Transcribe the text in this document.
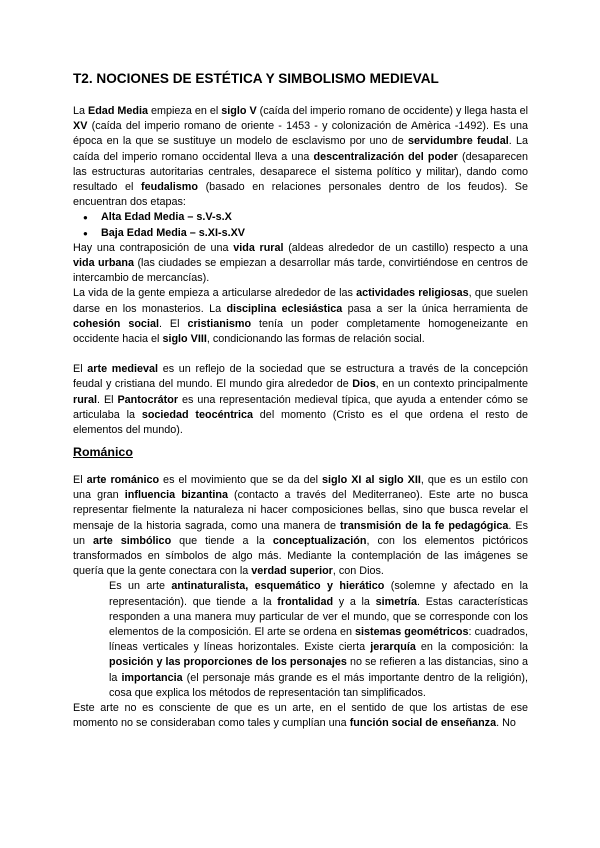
T2. NOCIONES DE ESTÉTICA Y SIMBOLISMO MEDIEVAL

La Edad Media empieza en el siglo V (caída del imperio romano de occidente) y llega hasta el XV (caída del imperio romano de oriente - 1453 - y colonización de Amèrica -1492). Es una época en la que se sustituye un modelo de esclavismo por uno de servidumbre feudal. La caída del imperio romano occidental lleva a una descentralización del poder (desaparecen las estructuras autoritarias centrales, desaparece el sistema político y militar), dando como resultado el feudalismo (basado en relaciones personales dentro de los feudos). Se encuentran dos etapas:

● Alta Edad Media – s.V-s.X
● Baja Edad Media – s.XI-s.XV

Hay una contraposición de una vida rural (aldeas alrededor de un castillo) respecto a una vida urbana (las ciudades se empiezan a desarrollar más tarde, convirtiéndose en centros de intercambio de mercancías).

La vida de la gente empieza a articularse alrededor de las actividades religiosas, que suelen darse en los monasterios. La disciplina eclesiástica pasa a ser la única herramienta de cohesión social. El cristianismo tenía un poder completamente homogeneizante en occidente hacia el siglo VIII, condicionando las formas de relación social.

El arte medieval es un reflejo de la sociedad que se estructura a través de la concepción feudal y cristiana del mundo. El mundo gira alrededor de Dios, en un contexto principalmente rural. El Pantocrátor es una representación medieval típica, que ayuda a entender cómo se articulaba la sociedad teocéntrica del momento (Cristo es el que ordena el resto de elementos del mundo).

Románico

El arte románico es el movimiento que se da del siglo XI al siglo XII, que es un estilo con una gran influencia bizantina (contacto a través del Mediterraneo). Este arte no busca representar fielmente la naturaleza ni hacer composiciones bellas, sino que busca revelar el mensaje de la historia sagrada, como una manera de transmisión de la fe pedagógica. Es un arte simbólico que tiende a la conceptualización, con los elementos pictóricos transformados en símbolos de algo más. Mediante la contemplación de las imágenes se quería que la gente conectara con la verdad superior, con Dios.

Es un arte antinaturalista, esquemático y hierático (solemne y afectado en la representación). que tiende a la frontalidad y a la simetría. Estas características responden a una manera muy particular de ver el mundo, que se corresponde con los elementos de la composición. El arte se ordena en sistemas geométricos: cuadrados, líneas verticales y líneas horizontales. Existe cierta jerarquía en la composición: la posición y las proporciones de los personajes no se refieren a las distancias, sino a la importancia (el personaje más grande es el más importante dentro de la religión), cosa que explica los métodos de representación tan simplificados.

Este arte no es consciente de que es un arte, en el sentido de que los artistas de ese momento no se consideraban como tales y cumplían una función social de enseñanza. No
